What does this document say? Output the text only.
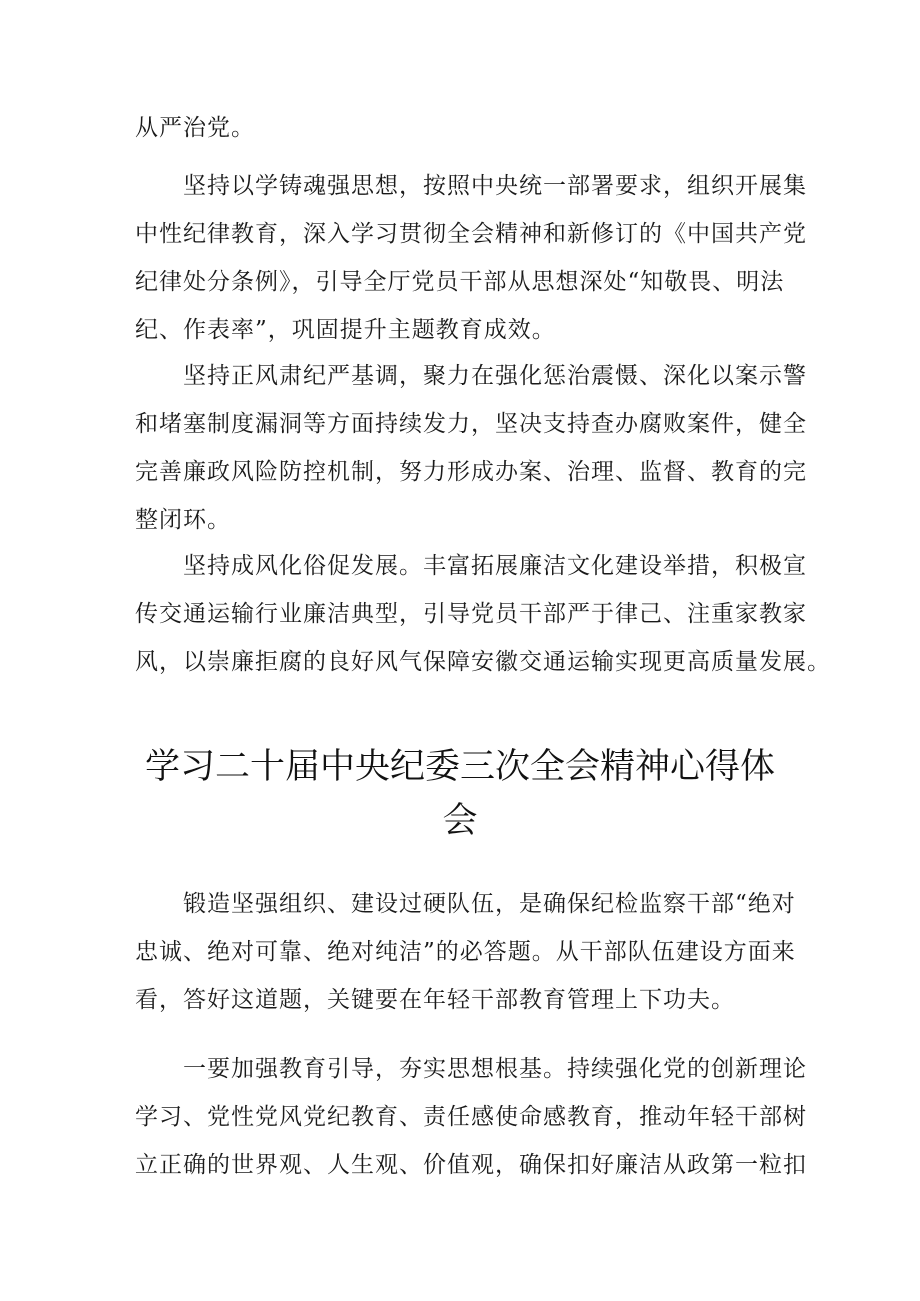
从严治党。
坚持以学铸魂强思想，按照中央统一部署要求，组织开展集
中性纪律教育，深入学习贯彻全会精神和新修订的《中国共产党
纪律处分条例》，引导全厅党员干部从思想深处“知敬畏、明法
纪、作表率”，巩固提升主题教育成效。
坚持正风肃纪严基调，聚力在强化惩治震慑、深化以案示警
和堵塞制度漏洞等方面持续发力，坚决支持查办腐败案件，健全
完善廉政风险防控机制，努力形成办案、治理、监督、教育的完
整闭环。
坚持成风化俗促发展。丰富拓展廉洁文化建设举措，积极宣
传交通运输行业廉洁典型，引导党员干部严于律己、注重家教家
风，以崇廉拒腐的良好风气保障安徽交通运输实现更高质量发展。
学习二十届中央纪委三次全会精神心得体
会
锻造坚强组织、建设过硬队伍，是确保纪检监察干部“绝对
忠诚、绝对可靠、绝对纯洁”的必答题。从干部队伍建设方面来
看，答好这道题，关键要在年轻干部教育管理上下功夫。
一要加强教育引导，夯实思想根基。持续强化党的创新理论
学习、党性党风党纪教育、责任感使命感教育，推动年轻干部树
立正确的世界观、人生观、价值观，确保扣好廉洁从政第一粒扣
